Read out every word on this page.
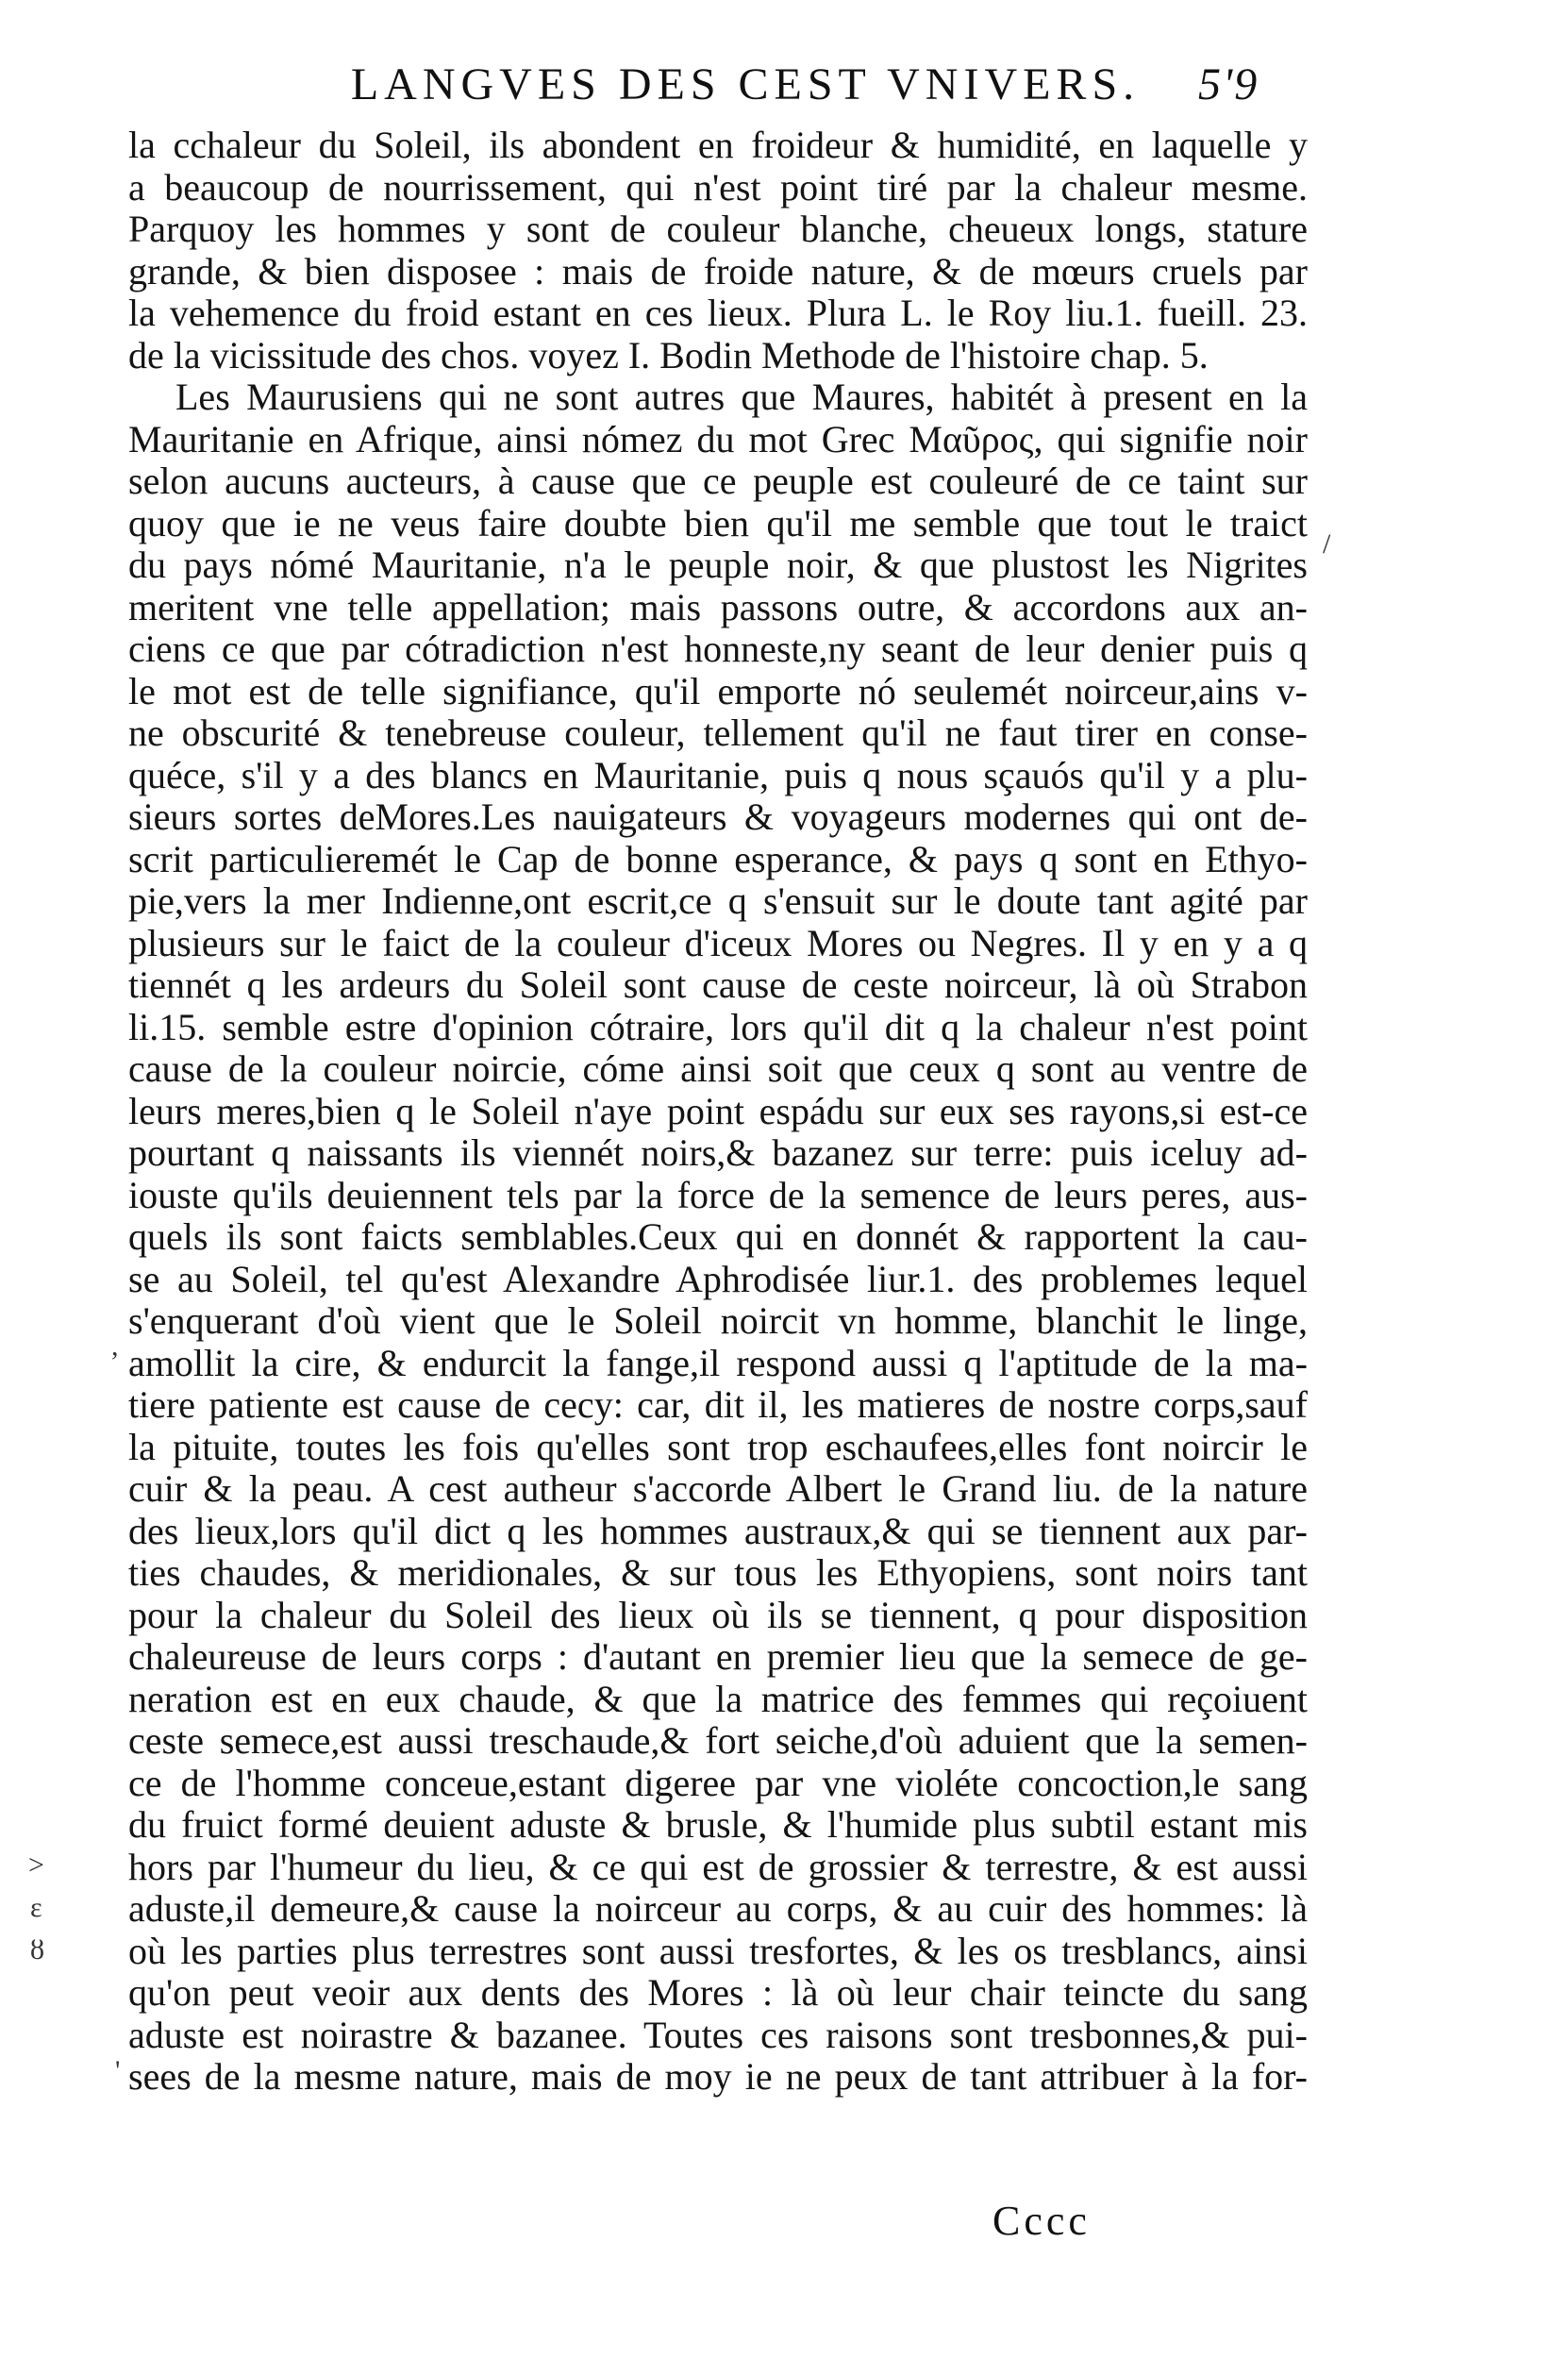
LANGVES DES CEST VNIVERS. 5'9
la cchaleur du Soleil, ils abondent en froideur & humidité, en laquelle y
a beaucoup de nourrissement, qui n'est point tiré par la chaleur mesme.
Parquoy les hommes y sont de couleur blanche, cheueux longs, stature
grande, & bien disposee : mais de froide nature, & de mœurs cruels par
la vehemence du froid estant en ces lieux. Plura L. le Roy liu.1. fueill. 23.
de la vicissitude des chos. voyez I. Bodin Methode de l'histoire chap. 5.
Les Maurusiens qui ne sont autres que Maures, habitét à present en la
Mauritanie en Afrique, ainsi nómez du mot Grec Μαῦρος, qui signifie noir
selon aucuns aucteurs, à cause que ce peuple est couleuré de ce taint sur
quoy que ie ne veus faire doubte bien qu'il me semble que tout le traict
du pays nómé Mauritanie, n'a le peuple noir, & que plustost les Nigrites
meritent vne telle appellation; mais passons outre, & accordons aux an-
ciens ce que par cótradiction n'est honneste,ny seant de leur denier puis q
le mot est de telle signifiance, qu'il emporte nó seulemét noirceur,ains v-
ne obscurité & tenebreuse couleur, tellement qu'il ne faut tirer en conse-
quéce, s'il y a des blancs en Mauritanie, puis q nous sçauós qu'il y a plu-
sieurs sortes deMores.Les nauigateurs & voyageurs modernes qui ont de-
scrit particulieremét le Cap de bonne esperance, & pays q sont en Ethyo-
pie,vers la mer Indienne,ont escrit,ce q s'ensuit sur le doute tant agité par
plusieurs sur le faict de la couleur d'iceux Mores ou Negres. Il y en y a q
tiennét q les ardeurs du Soleil sont cause de ceste noirceur, là où Strabon
li.15. semble estre d'opinion cótraire, lors qu'il dit q la chaleur n'est point
cause de la couleur noircie, cóme ainsi soit que ceux q sont au ventre de
leurs meres,bien q le Soleil n'aye point espádu sur eux ses rayons,si est-ce
pourtant q naissants ils viennét noirs,& bazanez sur terre: puis iceluy ad-
iouste qu'ils deuiennent tels par la force de la semence de leurs peres, aus-
quels ils sont faicts semblables.Ceux qui en donnét & rapportent la cau-
se au Soleil, tel qu'est Alexandre Aphrodisée liur.1. des problemes lequel
s'enquerant d'où vient que le Soleil noircit vn homme, blanchit le linge,
amollit la cire, & endurcit la fange,il respond aussi q l'aptitude de la ma-
tiere patiente est cause de cecy: car, dit il, les matieres de nostre corps,sauf
la pituite, toutes les fois qu'elles sont trop eschaufees,elles font noircir le
cuir & la peau. A cest autheur s'accorde Albert le Grand liu. de la nature
des lieux,lors qu'il dict q les hommes austraux,& qui se tiennent aux par-
ties chaudes, & meridionales, & sur tous les Ethyopiens, sont noirs tant
pour la chaleur du Soleil des lieux où ils se tiennent, q pour disposition
chaleureuse de leurs corps : d'autant en premier lieu que la semece de ge-
neration est en eux chaude, & que la matrice des femmes qui reçoiuent
ceste semece,est aussi treschaude,& fort seiche,d'où aduient que la semen-
ce de l'homme conceue,estant digeree par vne violéte concoction,le sang
du fruict formé deuient aduste & brusle, & l'humide plus subtil estant mis
hors par l'humeur du lieu, & ce qui est de grossier & terrestre, & est aussi
aduste,il demeure,& cause la noirceur au corps, & au cuir des hommes: là
où les parties plus terrestres sont aussi tresfortes, & les os tresblancs, ainsi
qu'on peut veoir aux dents des Mores : là où leur chair teincte du sang
aduste est noirastre & bazanee. Toutes ces raisons sont tresbonnes,& pui-
sees de la mesme nature, mais de moy ie ne peux de tant attribuer à la for-
Cccc
/
,
>
ε
ȣ
'
